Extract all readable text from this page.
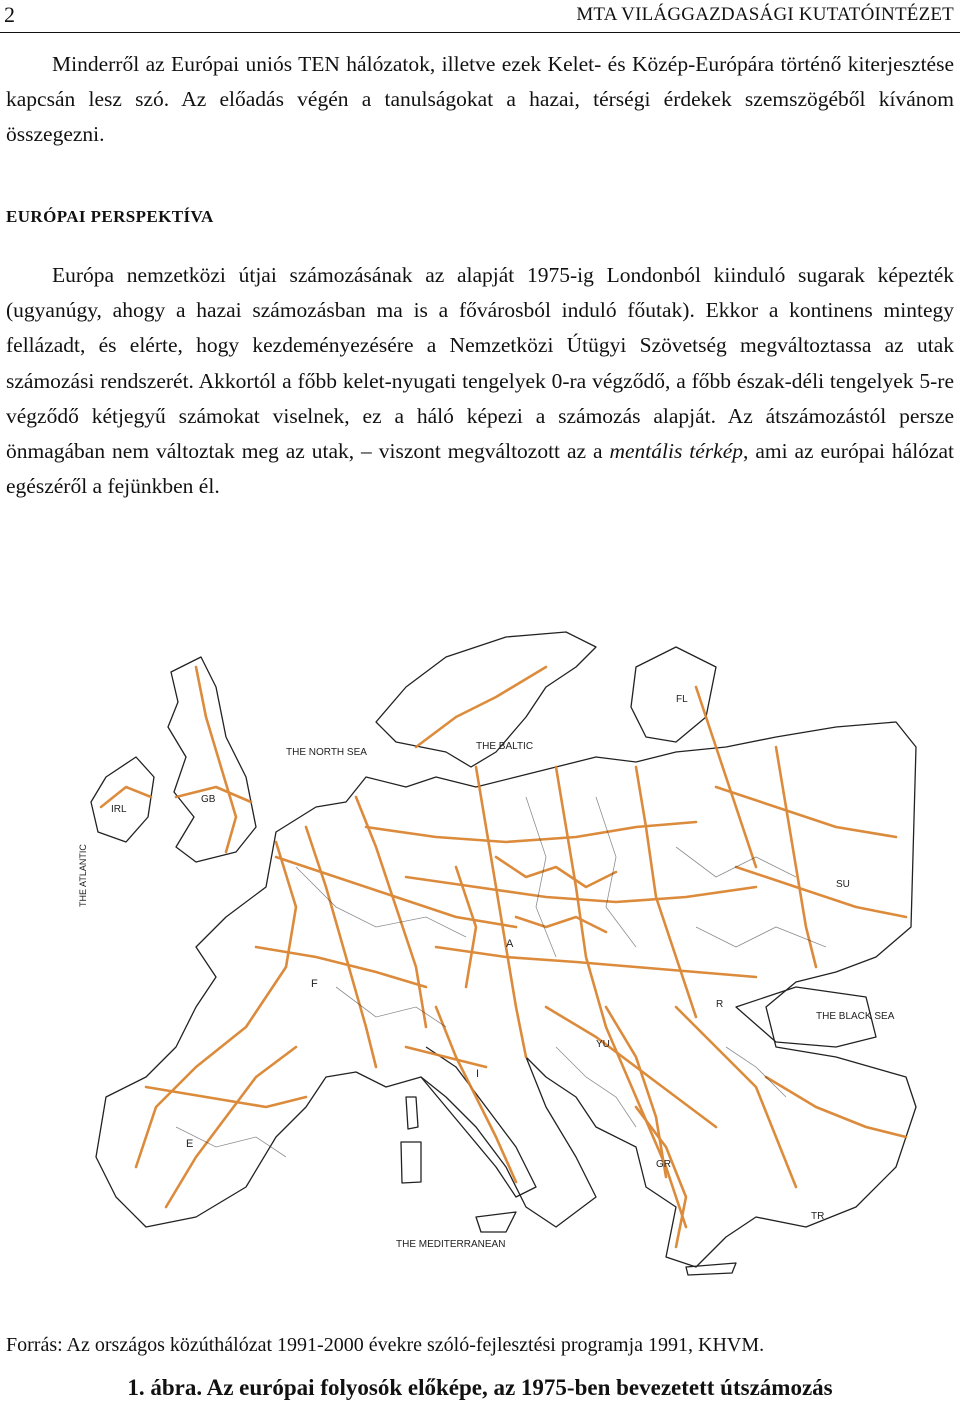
2	MTA VILÁGGAZDASÁGI KUTATÓINTÉZET

Minderről az Európai uniós TEN hálózatok, illetve ezek Kelet- és Közép-Európára történő kiterjesztése kapcsán lesz szó. Az előadás végén a tanulságokat a hazai, térségi érdekek szemszögéből kívánom összegezni.

EURÓPAI PERSPEKTÍVA

Európa nemzetközi útjai számozásának az alapját 1975-ig Londonból kiinduló sugarak képezték (ugyanúgy, ahogy a hazai számozásban ma is a fővárosból induló főutak). Ekkor a kontinens mintegy fellázadt, és elérte, hogy kezdeményezésére a Nemzetközi Útügyi Szövetség megváltoztassa az utak számozási rendszerét. Akkortól a főbb kelet-nyugati tengelyek 0-ra végződő, a főbb észak-déli tengelyek 5-re végződő kétjegyű számokat viselnek, ez a háló képezi a számozás alapját. Az átszámozástól persze önmagában nem változtak meg az utak, – viszont megváltozott az a mentális térkép, ami az európai hálózat egészéről a fejünkben él.

THE NORTH SEA
THE BALTIC
THE BLACK SEA
THE MEDITERRANEAN
THE ATLANTIC
IRL
GB
F
E
A
I
FL
SU
R
TR
GR
YU

Forrás: Az országos közúthálózat 1991-2000 évekre szóló-fejlesztési programja 1991, KHVM.

1. ábra. Az európai folyosók előképe, az 1975-ben bevezetett útszámozás
